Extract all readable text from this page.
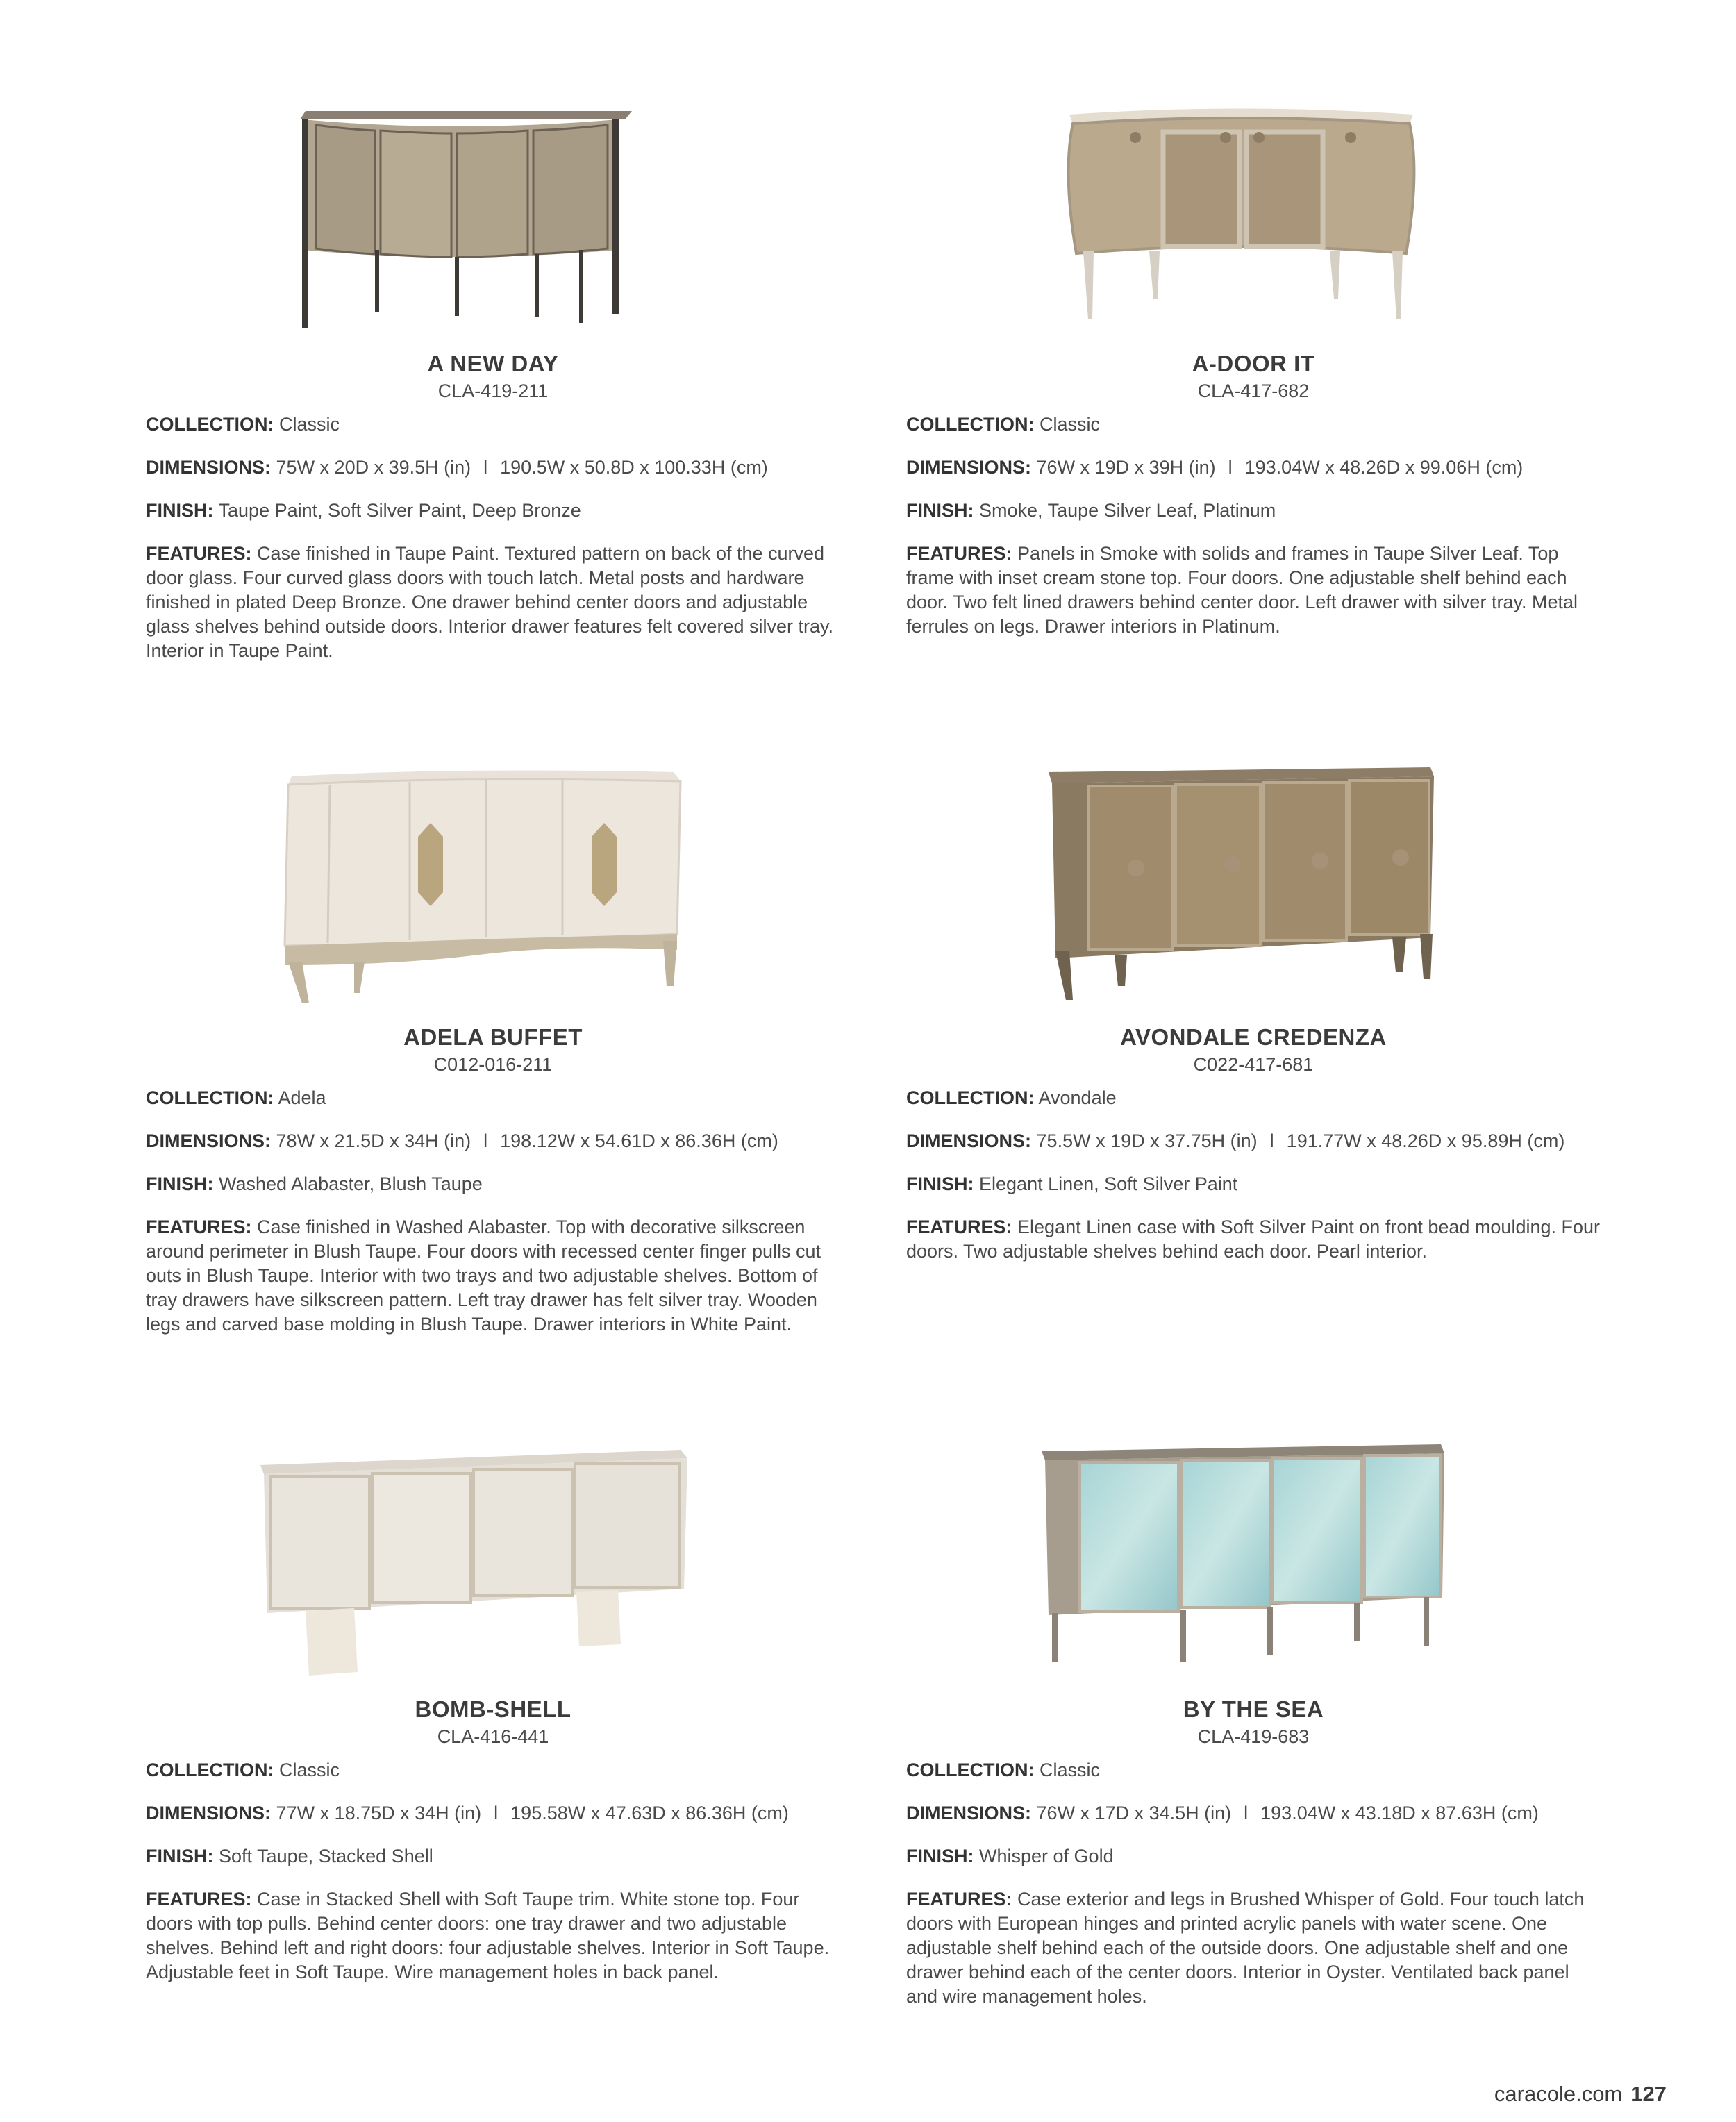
A NEW DAY
CLA-419-211
COLLECTION: Classic
DIMENSIONS: 75W x 20D x 39.5H (in) l 190.5W x 50.8D x 100.33H (cm)
FINISH: Taupe Paint, Soft Silver Paint, Deep Bronze
FEATURES: Case finished in Taupe Paint. Textured pattern on back of the curved door glass. Four curved glass doors with touch latch. Metal posts and hardware finished in plated Deep Bronze. One drawer behind center doors and adjustable glass shelves behind outside doors. Interior drawer features felt covered silver tray. Interior in Taupe Paint.
A-DOOR IT
CLA-417-682
COLLECTION: Classic
DIMENSIONS: 76W x 19D x 39H (in) l 193.04W x 48.26D x 99.06H (cm)
FINISH: Smoke, Taupe Silver Leaf, Platinum
FEATURES: Panels in Smoke with solids and frames in Taupe Silver Leaf. Top frame with inset cream stone top. Four doors. One adjustable shelf behind each door. Two felt lined drawers behind center door. Left drawer with silver tray. Metal ferrules on legs. Drawer interiors in Platinum.
ADELA BUFFET
C012-016-211
COLLECTION: Adela
DIMENSIONS: 78W x 21.5D x 34H (in) l 198.12W x 54.61D x 86.36H (cm)
FINISH: Washed Alabaster, Blush Taupe
FEATURES: Case finished in Washed Alabaster. Top with decorative silkscreen around perimeter in Blush Taupe. Four doors with recessed center finger pulls cut outs in Blush Taupe. Interior with two trays and two adjustable shelves. Bottom of tray drawers have silkscreen pattern. Left tray drawer has felt silver tray. Wooden legs and carved base molding in Blush Taupe. Drawer interiors in White Paint.
AVONDALE CREDENZA
C022-417-681
COLLECTION: Avondale
DIMENSIONS: 75.5W x 19D x 37.75H (in) l 191.77W x 48.26D x 95.89H (cm)
FINISH: Elegant Linen, Soft Silver Paint
FEATURES: Elegant Linen case with Soft Silver Paint on front bead moulding. Four doors. Two adjustable shelves behind each door. Pearl interior.
BOMB-SHELL
CLA-416-441
COLLECTION: Classic
DIMENSIONS: 77W x 18.75D x 34H (in) l 195.58W x 47.63D x 86.36H (cm)
FINISH: Soft Taupe, Stacked Shell
FEATURES: Case in Stacked Shell with Soft Taupe trim. White stone top. Four doors with top pulls. Behind center doors: one tray drawer and two adjustable shelves. Behind left and right doors: four adjustable shelves. Interior in Soft Taupe. Adjustable feet in Soft Taupe. Wire management holes in back panel.
BY THE SEA
CLA-419-683
COLLECTION: Classic
DIMENSIONS: 76W x 17D x 34.5H (in) l 193.04W x 43.18D x 87.63H (cm)
FINISH: Whisper of Gold
FEATURES: Case exterior and legs in Brushed Whisper of Gold. Four touch latch doors with European hinges and printed acrylic panels with water scene. One adjustable shelf behind each of the outside doors. One adjustable shelf and one drawer behind each of the center doors. Interior in Oyster. Ventilated back panel and wire management holes.
caracole.com 127
